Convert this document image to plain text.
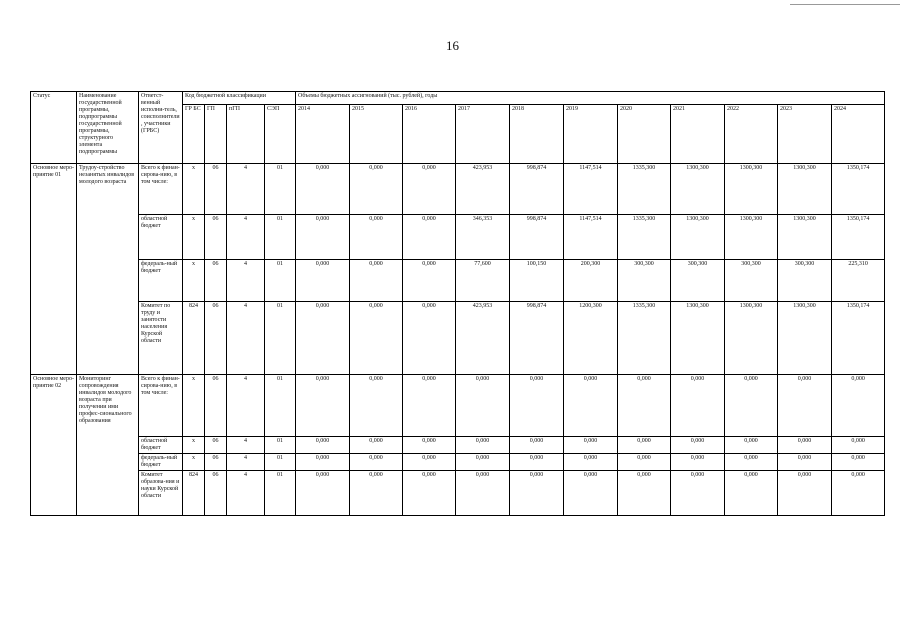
16
Статус	Наименование государственной программы, подпрограммы государственной программы, структурного элемента подпрограммы	Ответст-венный исполни-тель, соисполнители, участники (ГРБС)	Код бюджетной классификации				Объемы бюджетных ассигнований (тыс. рублей), годы										
			ГР БС	ГП	пГП	СЭП	2014	2015	2016	2017	2018	2019	2020	2021	2022	2023	2024
Основное меро-приятие 01	Трудоу-стройство незанятых инвалидов молодого возраста	Всего к финан-сирова-нию, в том числе:	х	06	4	01	0,000	0,000	0,000	423,953	998,874	1147,514	1335,300	1300,300	1300,300	1300,300	1350,174
		областной бюджет	х	06	4	01	0,000	0,000	0,000	346,353	998,874	1147,514	1335,300	1300,300	1300,300	1300,300	1350,174
		федераль-ный бюджет	х	06	4	01	0,000	0,000	0,000	77,600	100,150	200,300	300,300	300,300	300,300	300,300	225,310
		Комитет по труду и занятости населения Курской области	824	06	4	01	0,000	0,000	0,000	423,953	998,874	1200,300	1335,300	1300,300	1300,300	1300,300	1350,174
Основное меро-приятие 02	Мониторинг сопровождения инвалидов молодого возраста при получении ими профес-сионального образования	Всего к финан-сирова-нию, в том числе:	х	06	4	01	0,000	0,000	0,000	0,000	0,000	0,000	0,000	0,000	0,000	0,000	0,000
		областной бюджет	х	06	4	01	0,000	0,000	0,000	0,000	0,000	0,000	0,000	0,000	0,000	0,000	0,000
		федераль-ный бюджет	х	06	4	01	0,000	0,000	0,000	0,000	0,000	0,000	0,000	0,000	0,000	0,000	0,000
		Комитет образова-ния и науки Курской области	824	06	4	01	0,000	0,000	0,000	0,000	0,000	0,000	0,000	0,000	0,000	0,000	0,000
